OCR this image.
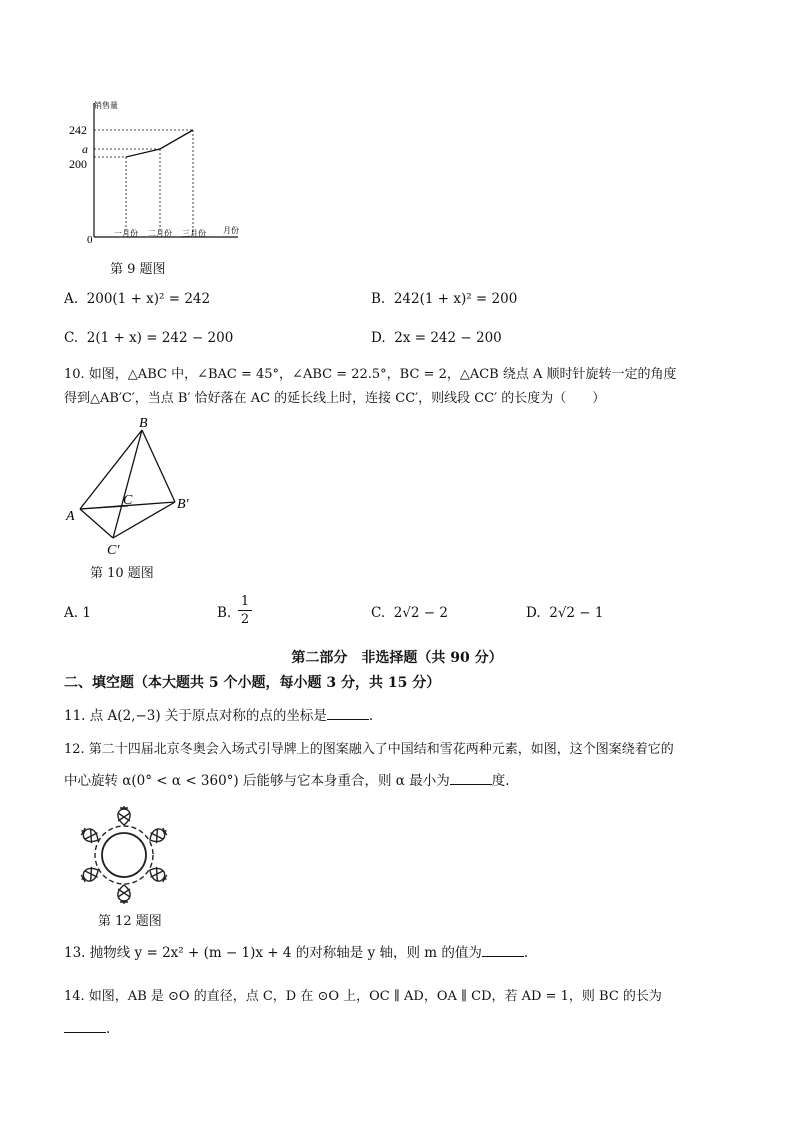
销售量
月份
0
242
a
200
一月份 二月份 三月份
第 9 题图
A. 200(1 + x)² = 242	B. 242(1 + x)² = 200
C. 2(1 + x) = 242 − 200	D. 2x = 242 − 200
10. 如图，△ABC 中，∠BAC = 45°，∠ABC = 22.5°，BC = 2，△ACB 绕点 A 顺时针旋转一定的角度
得到△AB′C′，当点 B′ 恰好落在 AC 的延长线上时，连接 CC′，则线段 CC′ 的长度为（　　）
B
A
C	B′
C′
第 10 题图
A. 1	B.
1
2	C. 2√2 − 2	D. 2√2 − 1
第二部分　非选择题（共 90 分）
二、填空题（本大题共 5 个小题，每小题 3 分，共 15 分）
11. 点 A(2,−3) 关于原点对称的点的坐标是	.
12. 第二十四届北京冬奥会入场式引导牌上的图案融入了中国结和雪花两种元素，如图，这个图案绕着它的
中心旋转 α(0° < α < 360°) 后能够与它本身重合，则 α 最小为	度.
第 12 题图
13. 抛物线 y = 2x² + (m − 1)x + 4 的对称轴是 y 轴，则 m 的值为	.
14. 如图，AB 是 ⊙O 的直径，点 C，D 在 ⊙O 上，OC ∥ AD，OA ∥ CD，若 AD = 1，则 BC 的长为
.
